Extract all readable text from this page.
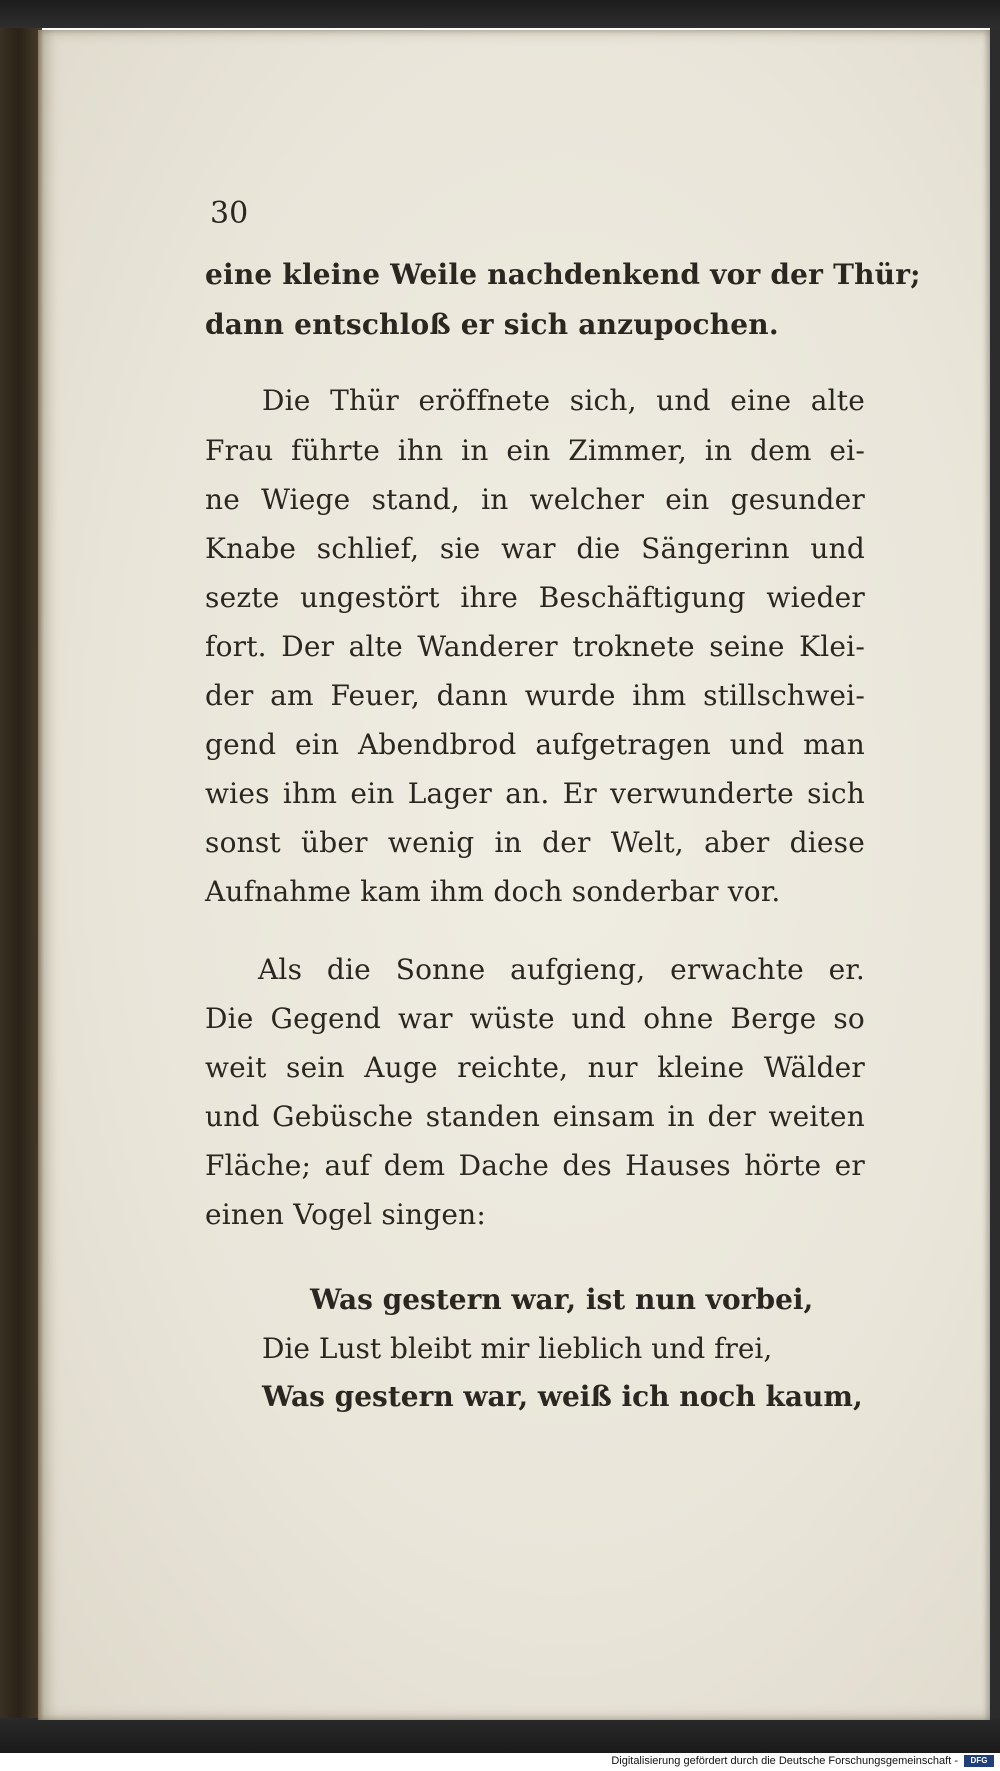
30
eine kleine Weile nachdenkend vor der Thür;
dann entschloß er sich anzupochen.
Die Thür eröffnete sich, und eine alte
Frau führte ihn in ein Zimmer, in dem ei-
ne Wiege stand, in welcher ein gesunder
Knabe schlief, sie war die Sängerinn und
sezte ungestört ihre Beschäftigung wieder
fort. Der alte Wanderer troknete seine Klei-
der am Feuer, dann wurde ihm stillschwei-
gend ein Abendbrod aufgetragen und man
wies ihm ein Lager an. Er verwunderte sich
sonst über wenig in der Welt, aber diese
Aufnahme kam ihm doch sonderbar vor.
Als die Sonne aufgieng, erwachte er.
Die Gegend war wüste und ohne Berge so
weit sein Auge reichte, nur kleine Wälder
und Gebüsche standen einsam in der weiten
Fläche; auf dem Dache des Hauses hörte er
einen Vogel singen:
Was gestern war, ist nun vorbei,
Die Lust bleibt mir lieblich und frei,
Was gestern war, weiß ich noch kaum,
Digitalisierung gefördert durch die Deutsche Forschungsgemeinschaft -	DFG
